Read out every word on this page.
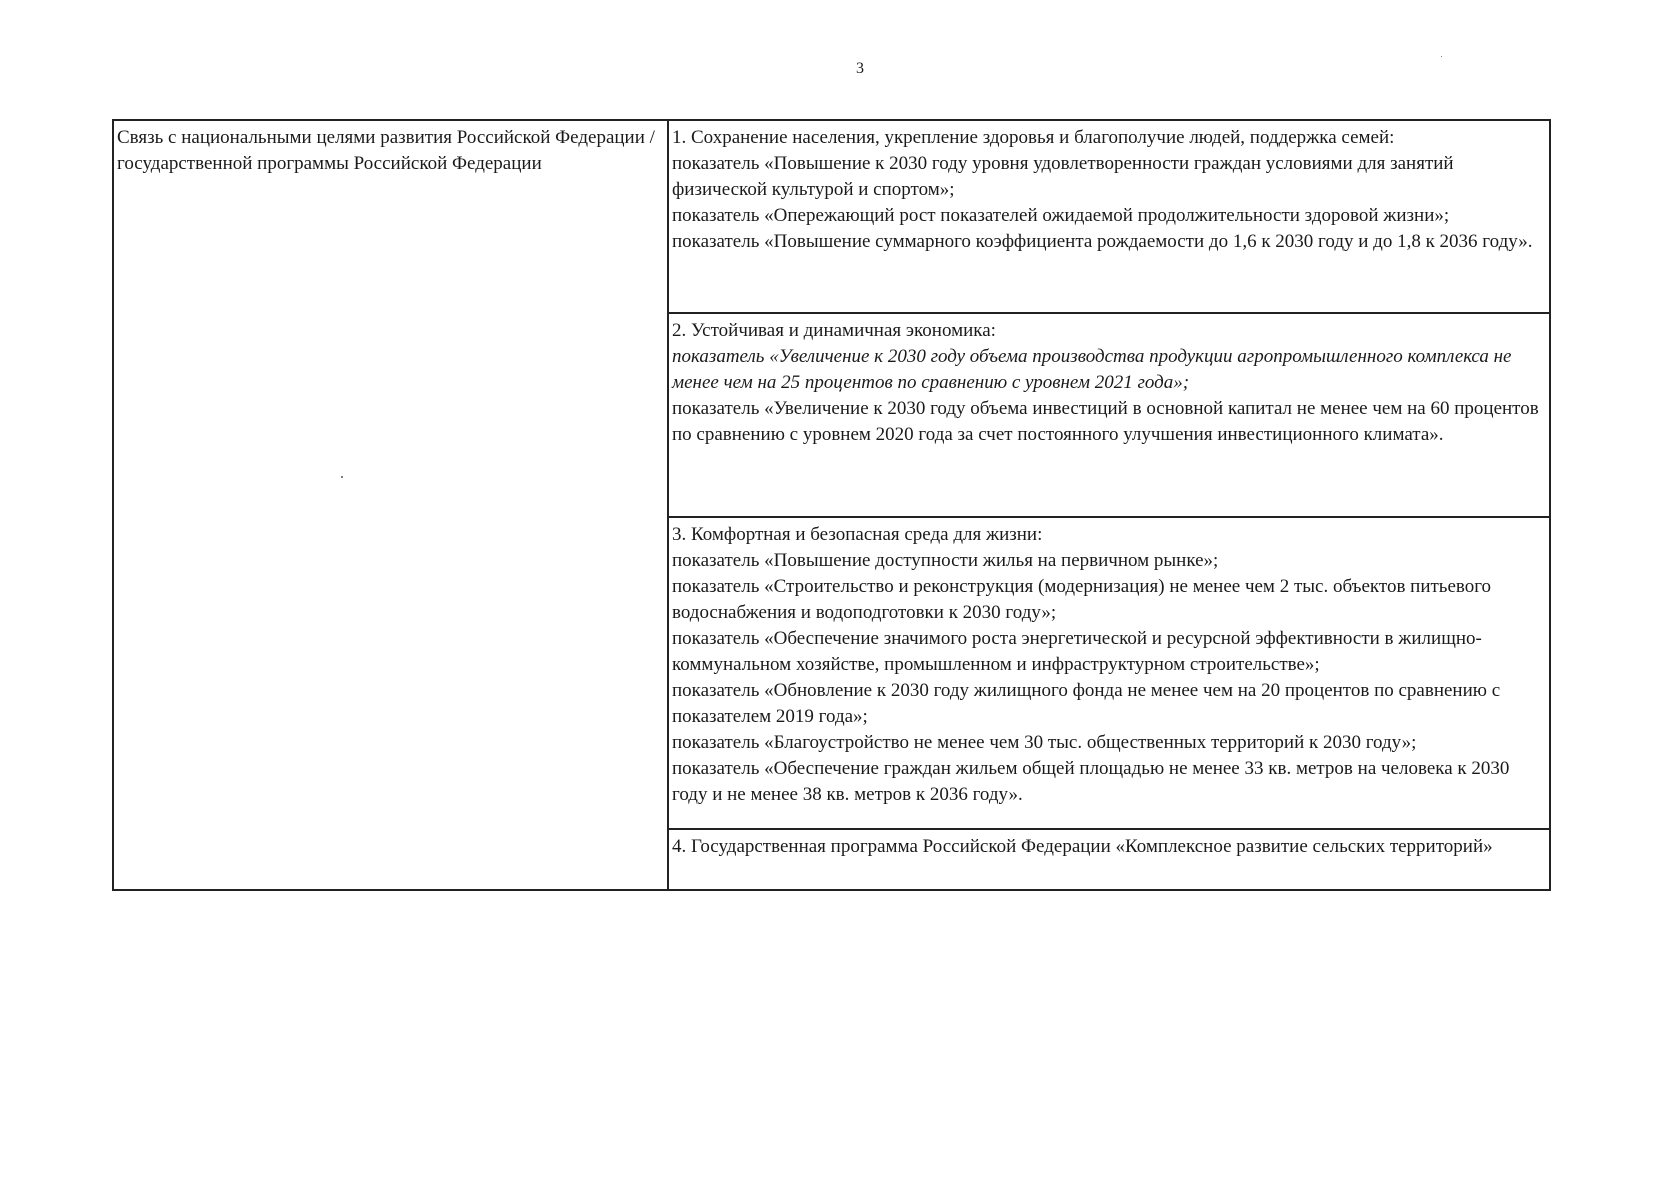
3
Связь с национальными целями развития Российской Федерации / государственной программы Российской Федерации

1. Сохранение населения, укрепление здоровья и благополучие людей, поддержка семей:

показатель «Повышение к 2030 году уровня удовлетворенности граждан условиями для занятий физической культурой и спортом»;

показатель «Опережающий рост показателей ожидаемой продолжительности здоровой жизни»;

показатель «Повышение суммарного коэффициента рождаемости до 1,6 к 2030 году и до 1,8 к 2036 году».

2. Устойчивая и динамичная экономика:

показатель «Увеличение к 2030 году объема производства продукции агропромышленного комплекса не менее чем на 25 процентов по сравнению с уровнем 2021 года»;

показатель «Увеличение к 2030 году объема инвестиций в основной капитал не менее чем на 60 процентов по сравнению с уровнем 2020 года за счет постоянного улучшения инвестиционного климата».

3. Комфортная и безопасная среда для жизни:

показатель «Повышение доступности жилья на первичном рынке»;

показатель «Строительство и реконструкция (модернизация) не менее чем 2 тыс. объектов питьевого водоснабжения и водоподготовки к 2030 году»;

показатель «Обеспечение значимого роста энергетической и ресурсной эффективности в жилищно-коммунальном хозяйстве, промышленном и инфраструктурном строительстве»;

показатель «Обновление к 2030 году жилищного фонда не менее чем на 20 процентов по сравнению с показателем 2019 года»;

показатель «Благоустройство не менее чем 30 тыс. общественных территорий к 2030 году»;

показатель «Обеспечение граждан жильем общей площадью не менее 33 кв. метров на человека к 2030 году и не менее 38 кв. метров к 2036 году».

4. Государственная программа Российской Федерации «Комплексное развитие сельских территорий»
